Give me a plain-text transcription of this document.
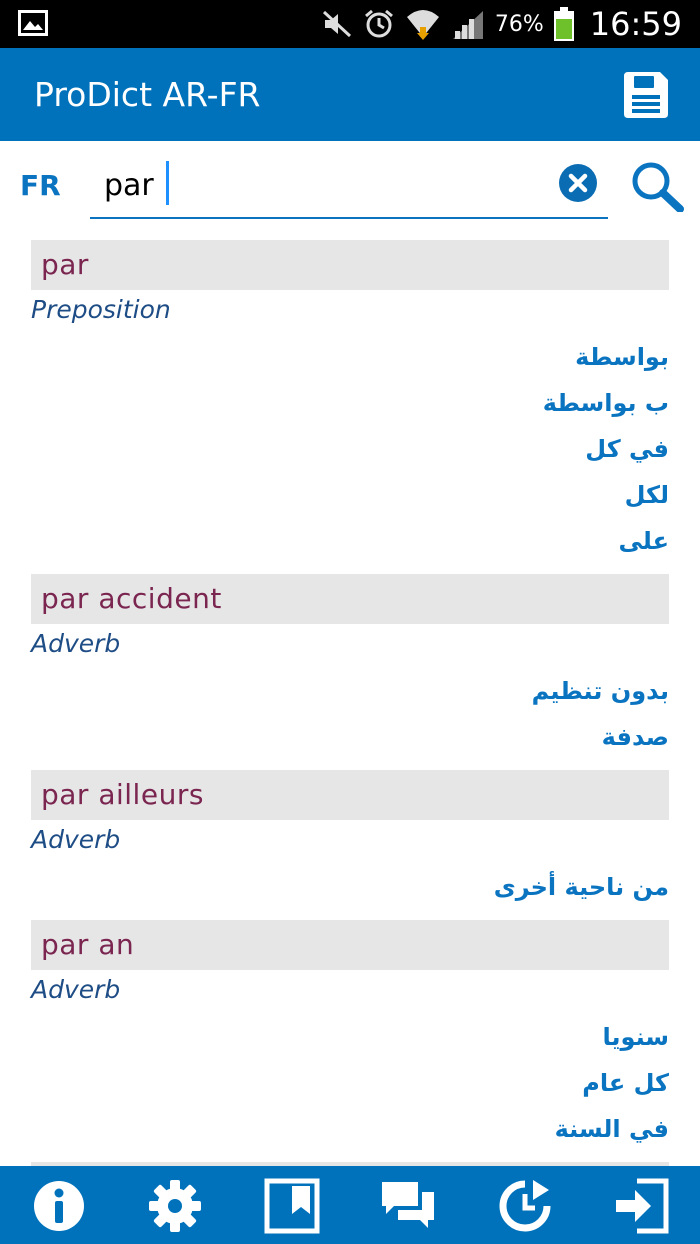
76% 16:59
ProDict AR-FR
FR
par
par
Preposition
بواسطة
ب بواسطة
في كل
لكل
على
par accident
Adverb
بدون تنظيم
صدفة
par ailleurs
Adverb
من ناحية أخرى
par an
Adverb
سنويا
كل عام
في السنة
